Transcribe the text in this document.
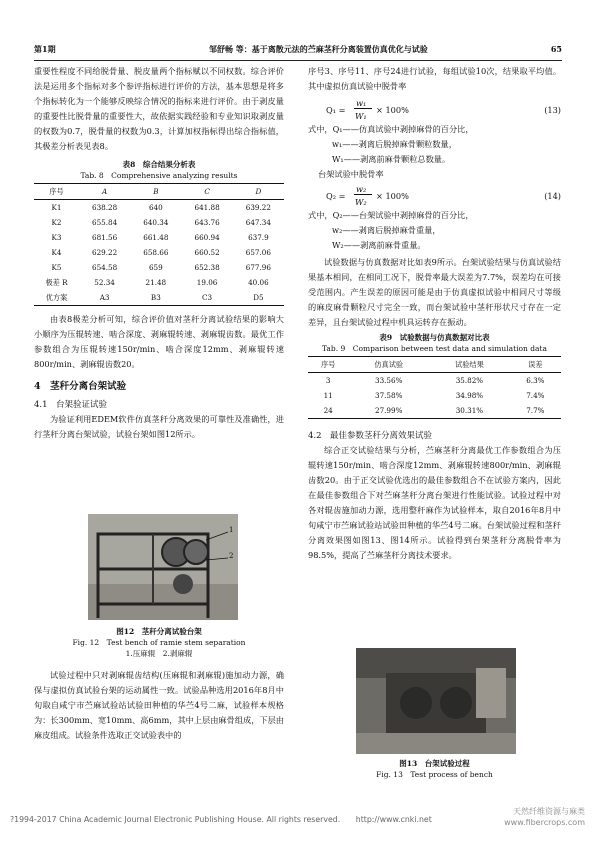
第1期	邹舒畅 等：基于离散元法的苎麻茎秆分离装置仿真优化与试验	65

重要性程度不同给脱骨量、脱皮量两个指标赋以不同权数。综合评价法是运用多个指标对多个参评指标进行评价的方法，基本思想是将多个指标转化为一个能够反映综合情况的指标来进行评价。由于剥皮量的重要性比脱骨量的重要性大，故依据实践经验和专业知识取剥皮量的权数为0.7，脱骨量的权数为0.3，计算加权指标得出综合指标值，其极差分析表见表8。

表8　综合结果分析表
Tab. 8　Comprehensive analyzing results
序号	A	B	C	D
K1	638.28	640	641.88	639.22
K2	655.84	640.34	643.76	647.34
K3	681.56	661.48	660.94	637.9
K4	629.22	658.66	660.52	657.06
K5	654.58	659	652.38	677.96
极差 R	52.34	21.48	19.06	40.06
优方案	A3	B3	C3	D5

由表8极差分析可知，综合评价值对茎秆分离试验结果的影响大小顺序为压辊转速、啮合深度、剥麻辊转速、剥麻辊齿数。最优工作参数组合为压辊转速150r/min、啮合深度12mm、剥麻辊转速800r/min、剥麻辊齿数20。

4　茎秆分离台架试验
4.1　台架验证试验

为验证利用EDEM软件仿真茎秆分离效果的可靠性及准确性，进行茎秆分离台架试验，试验台架如图12所示。

1
2
图12　茎秆分离试验台架
Fig. 12　Test bench of ramie stem separation
1.压麻辊　2.剥麻辊

试验过程中只对剥麻辊齿结构(压麻辊和剥麻辊)施加动力源，确保与虚拟仿真试验台架的运动属性一致。试验品种选用2016年8月中旬取自咸宁市苎麻试验站试验田种植的华苎4号二麻，试验样本规格为：长300mm、宽10mm、高6mm，其中上层由麻骨组成，下层由麻皮组成。试验条件选取正交试验表中的

序号3、序号11、序号24进行试验，每组试验10次，结果取平均值。其中虚拟仿真试验中脱骨率

Q₁ =
w₁
W₁
× 100%	(13)

式中，Q₁——仿真试验中剥掉麻骨的百分比，

w₁——剥离后脱掉麻骨颗粒数量，

W₁——剥离前麻骨颗粒总数量。

台架试验中脱骨率

Q₂ =
w₂
W₂
× 100%	(14)

式中，Q₂——台架试验中剥掉麻骨的百分比，

w₂——剥离后脱掉麻骨重量，

W₂——剥离前麻骨重量。

试验数据与仿真数据对比如表9所示。台架试验结果与仿真试验结果基本相同，在相同工况下，脱骨率最大误差为7.7%，误差均在可接受范围内。产生误差的原因可能是由于仿真虚拟试验中相同尺寸等级的麻皮麻骨颗粒尺寸完全一致，而台架试验中茎秆形状尺寸存在一定差异，且台架试验过程中机具运转存在振动。

表9　试验数据与仿真数据对比表
Tab. 9　Comparison between test data and simulation data
序号	仿真试验	试验结果	误差
3	33.56%	35.82%	6.3%
11	37.58%	34.98%	7.4%
24	27.99%	30.31%	7.7%
4.2　最佳参数茎秆分离效果试验

综合正交试验结果与分析，苎麻茎秆分离最优工作参数组合为压辊转速150r/min、啮合深度12mm、剥麻辊转速800r/min、剥麻辊齿数20。由于正交试验优选出的最佳参数组合不在试验方案内，因此在最佳参数组合下对苎麻茎秆分离台架进行性能试验。试验过程中对各对辊齿施加动力源，选用整秆麻作为试验样本，取自2016年8月中旬咸宁市苎麻试验站试验田种植的华苎4号二麻。台架试验过程和茎秆分离效果图如图13、图14所示。试验得到台架茎秆分离脱骨率为98.5%，提高了苎麻茎秆分离技术要求。

图13　台架试验过程
Fig. 13　Test process of bench
?1994-2017 China Academic Journal Electronic Publishing House. All rights reserved.　　http://www.cnki.net
天然纤维资源与麻类
www.fibercrops.com
